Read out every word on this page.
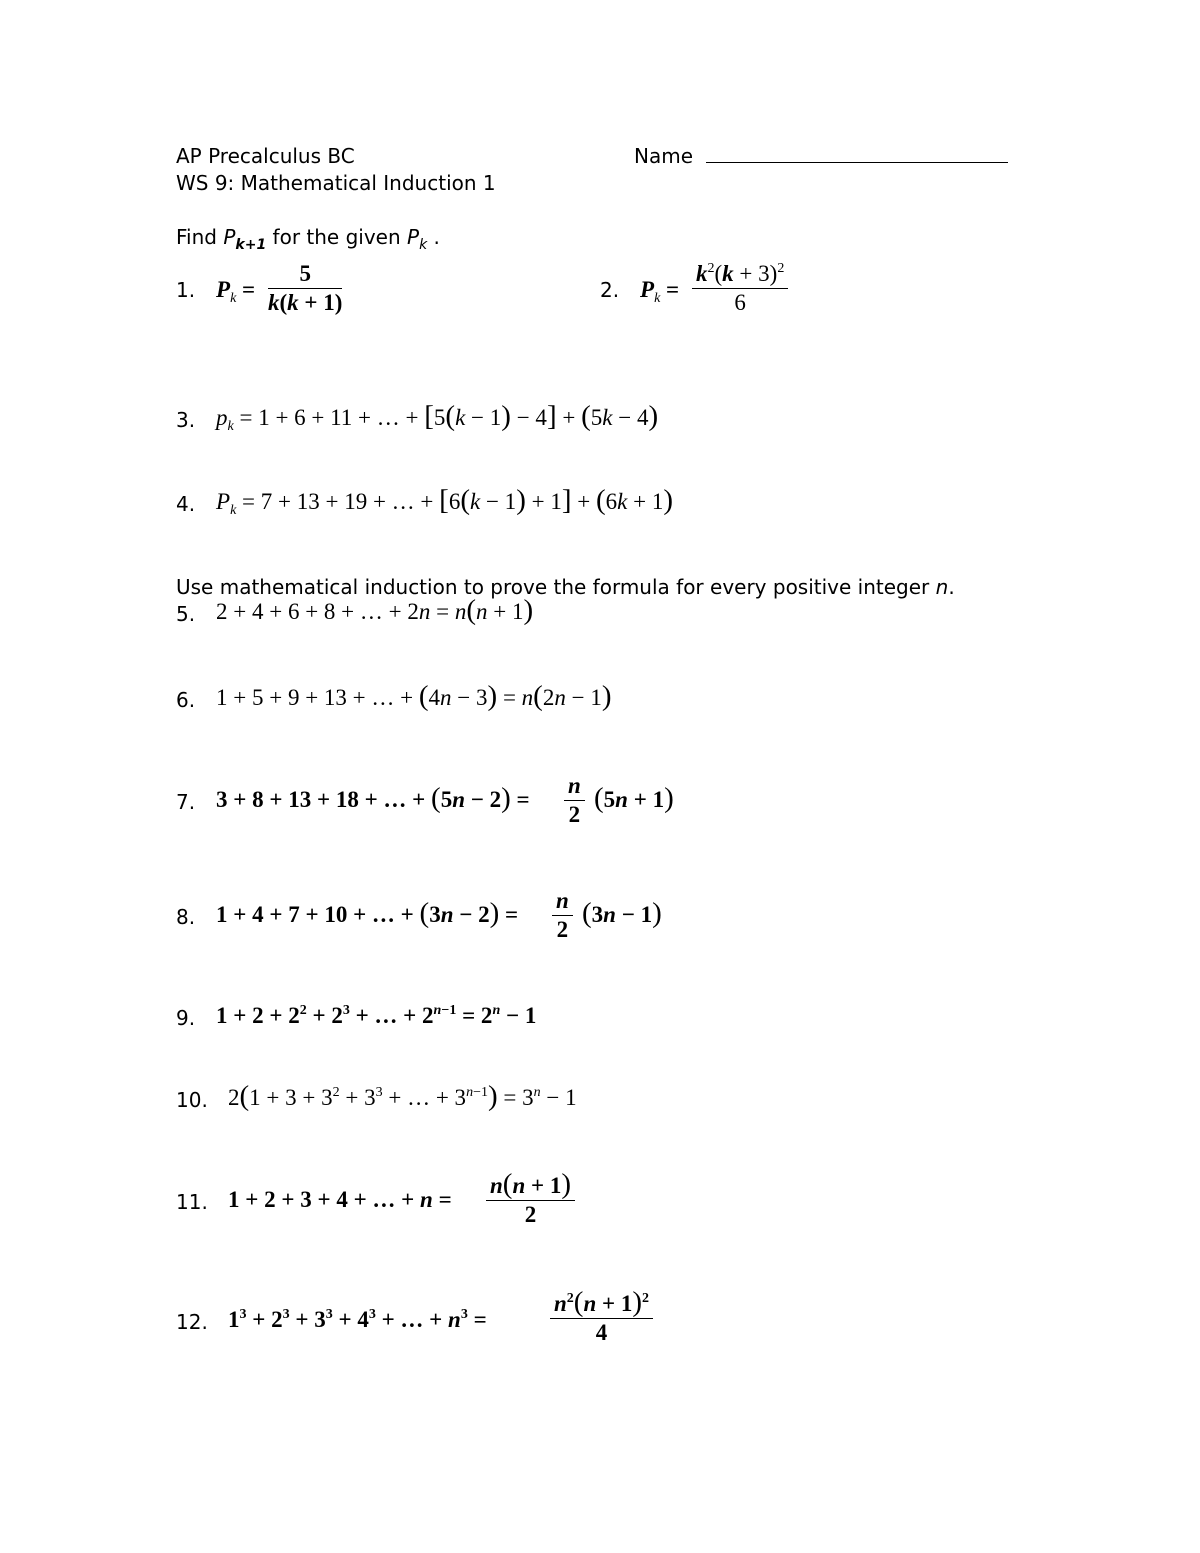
AP Precalculus BC
WS 9: Mathematical Induction 1
Name
Find $P_{k+1}$ for the given $P_k$ .
1. $P_k$ =
5
k(k + 1)	2. $P_k$ =
$k^2(k + 3)^2$
6
3. $p_k = 1 + 6 + 11$ + … + [5(k − 1) − 4] + (5k − 4)
4. $P_k = 7 + 13 + 19$ + … + [6(k − 1) + 1] + (6k + 1)
Use mathematical induction to prove the formula for every positive integer n.
5. 2 + 4 + 6 + 8 + … + 2n = n(n + 1)
6. 1 + 5 + 9 + 13 + … + (4n − 3) = n(2n − 1)
7. 3 + 8 + 13 + 18 + … + (5n − 2) =
n
2
(5n + 1)
8. 1 + 4 + 7 + 10 + … + (3n − 2) =
n
2
(3n − 1)
9. $1 + 2 + 2^2 + 2^3$ + … + $2^{n-1} = 2^n - 1$
10. $2(1 + 3 + 3^2 + 3^3$ + … + $3^{n-1}) = 3^n - 1$
11. 1 + 2 + 3 + 4 + … + n =
n(n + 1)
2
12. $1^3 + 2^3 + 3^3 + 4^3$ + … + $n^3$ =
$n^2(n + 1)^2$
4
